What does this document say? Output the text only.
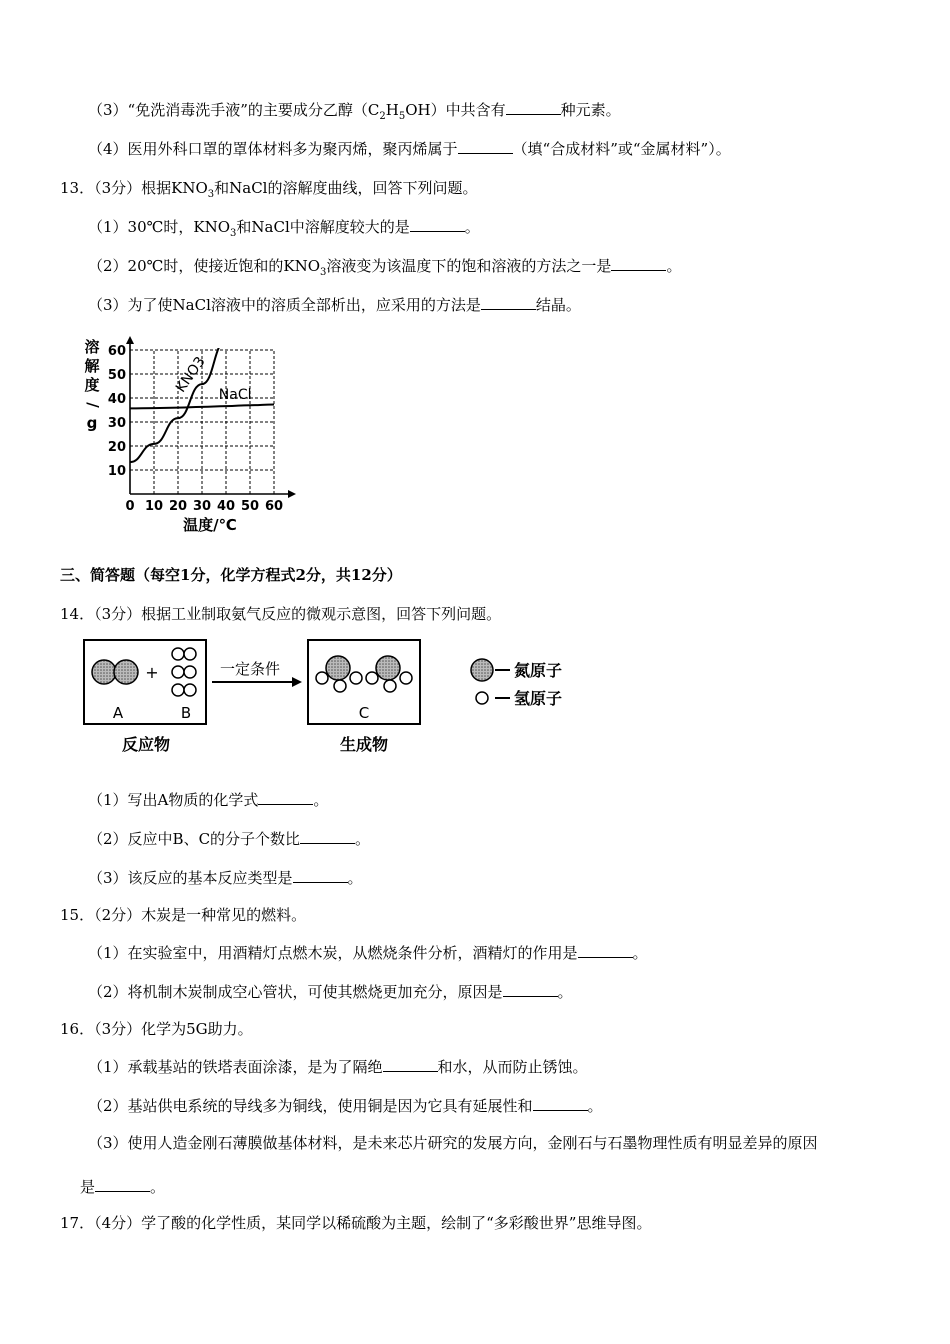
（3）“免洗消毒洗手液”的主要成分乙醇$(C_2H_5OH)$中共含有	种元素。
（4）医用外科口罩的罩体材料多为聚丙烯，聚丙烯属于	（填“合成材料”或“金属材料”）。
13．（3分）根据$KNO_3$和NaCl的溶解度曲线，回答下列问题。
（1）30℃时，$KNO_3$和NaCl中溶解度较大的是	。
（2）20℃时，使接近饱和的$KNO_3$溶液变为该温度下的饱和溶液的方法之一是	。
（3）为了使NaCl溶液中的溶质全部析出，应采用的方法是	结晶。
0 10 20 30 40 50 60
10
20
30
40
50
60
溶
解
度
/
g
温度/℃
KNO3 NaCl
三、简答题（每空1分，化学方程式2分，共12分）
14．（3分）根据工业制取氨气反应的微观示意图，回答下列问题。
+
A	B
反应物
一定条件
C
生成物
氮原子
氢原子
（1）写出A物质的化学式	。
（2）反应中B、C的分子个数比	。
（3）该反应的基本反应类型是	。
15．（2分）木炭是一种常见的燃料。
（1）在实验室中，用酒精灯点燃木炭，从燃烧条件分析，酒精灯的作用是	。
（2）将机制木炭制成空心管状，可使其燃烧更加充分，原因是	。
16．（3分）化学为5G助力。
（1）承载基站的铁塔表面涂漆，是为了隔绝	和水，从而防止锈蚀。
（2）基站供电系统的导线多为铜线，使用铜是因为它具有延展性和	。
（3）使用人造金刚石薄膜做基体材料，是未来芯片研究的发展方向，金刚石与石墨物理性质有明显差异的原因
是	。
17．（4分）学了酸的化学性质，某同学以稀硫酸为主题，绘制了“多彩酸世界”思维导图。
